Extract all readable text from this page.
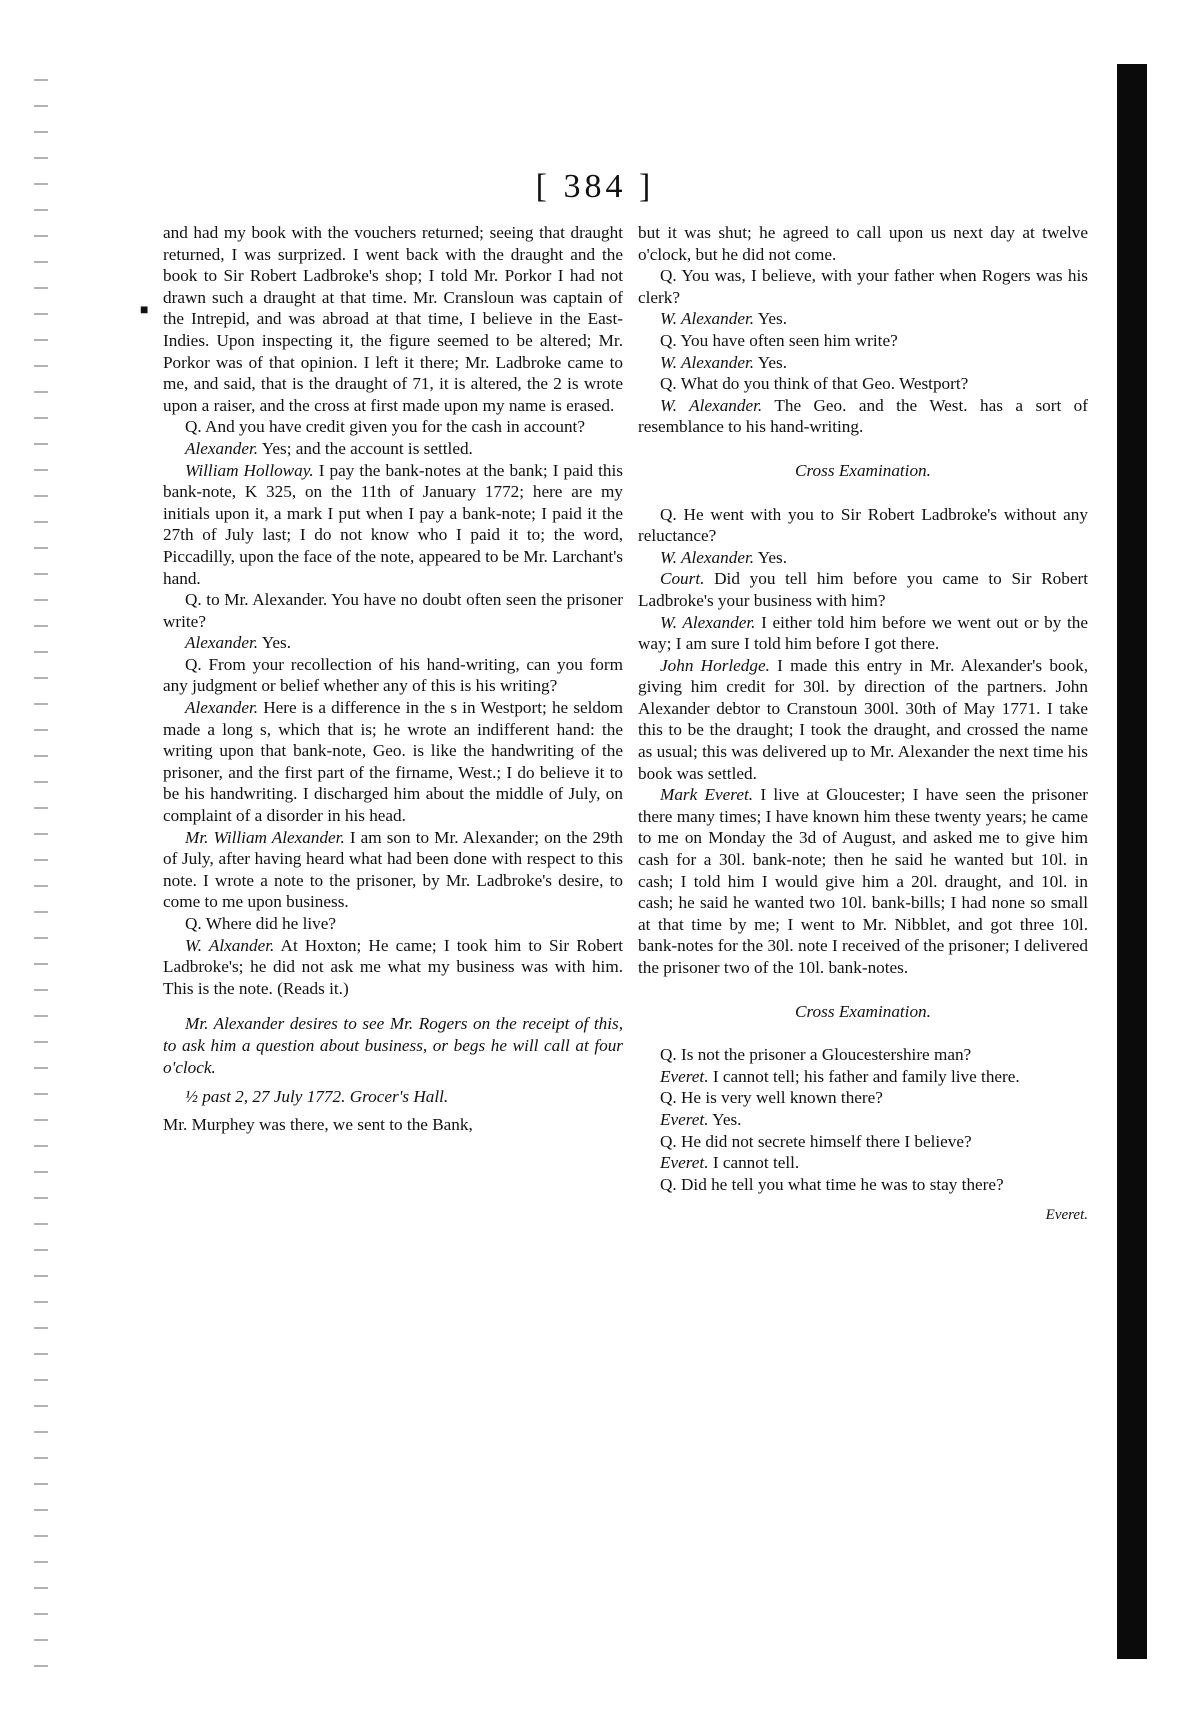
■
[ 384 ]

and had my book with the vouchers returned; seeing that draught returned, I was surprized. I went back with the draught and the book to Sir Robert Ladbroke's shop; I told Mr. Porkor I had not drawn such a draught at that time. Mr. Cransloun was captain of the Intrepid, and was abroad at that time, I believe in the East-Indies. Upon inspecting it, the figure seemed to be altered; Mr. Porkor was of that opinion. I left it there; Mr. Ladbroke came to me, and said, that is the draught of 71, it is altered, the 2 is wrote upon a raiser, and the cross at first made upon my name is erased.

Q. And you have credit given you for the cash in account?

Alexander. Yes; and the account is settled.

William Holloway. I pay the bank-notes at the bank; I paid this bank-note, K 325, on the 11th of January 1772; here are my initials upon it, a mark I put when I pay a bank-note; I paid it the 27th of July last; I do not know who I paid it to; the word, Piccadilly, upon the face of the note, appeared to be Mr. Larchant's hand.

Q. to Mr. Alexander. You have no doubt often seen the prisoner write?

Alexander. Yes.

Q. From your recollection of his hand-writing, can you form any judgment or belief whether any of this is his writing?

Alexander. Here is a difference in the s in Westport; he seldom made a long s, which that is; he wrote an indifferent hand: the writing upon that bank-note, Geo. is like the handwriting of the prisoner, and the first part of the firname, West.; I do believe it to be his handwriting. I discharged him about the middle of July, on complaint of a disorder in his head.

Mr. William Alexander. I am son to Mr. Alexander; on the 29th of July, after having heard what had been done with respect to this note. I wrote a note to the prisoner, by Mr. Ladbroke's desire, to come to me upon business.

Q. Where did he live?

W. Alxander. At Hoxton; He came; I took him to Sir Robert Ladbroke's; he did not ask me what my business was with him. This is the note. (Reads it.)

Mr. Alexander desires to see Mr. Rogers on the receipt of this, to ask him a question about business, or begs he will call at four o'clock.

½ past 2, 27 July 1772. Grocer's Hall.

Mr. Murphey was there, we sent to the Bank,

but it was shut; he agreed to call upon us next day at twelve o'clock, but he did not come.

Q. You was, I believe, with your father when Rogers was his clerk?

W. Alexander. Yes.

Q. You have often seen him write?

W. Alexander. Yes.

Q. What do you think of that Geo. Westport?

W. Alexander. The Geo. and the West. has a sort of resemblance to his hand-writing.

Cross Examination.

Q. He went with you to Sir Robert Ladbroke's without any reluctance?

W. Alexander. Yes.

Court. Did you tell him before you came to Sir Robert Ladbroke's your business with him?

W. Alexander. I either told him before we went out or by the way; I am sure I told him before I got there.

John Horledge. I made this entry in Mr. Alexander's book, giving him credit for 30l. by direction of the partners. John Alexander debtor to Cranstoun 300l. 30th of May 1771. I take this to be the draught; I took the draught, and crossed the name as usual; this was delivered up to Mr. Alexander the next time his book was settled.

Mark Everet. I live at Gloucester; I have seen the prisoner there many times; I have known him these twenty years; he came to me on Monday the 3d of August, and asked me to give him cash for a 30l. bank-note; then he said he wanted but 10l. in cash; I told him I would give him a 20l. draught, and 10l. in cash; he said he wanted two 10l. bank-bills; I had none so small at that time by me; I went to Mr. Nibblet, and got three 10l. bank-notes for the 30l. note I received of the prisoner; I delivered the prisoner two of the 10l. bank-notes.

Cross Examination.

Q. Is not the prisoner a Gloucestershire man?

Everet. I cannot tell; his father and family live there.

Q. He is very well known there?

Everet. Yes.

Q. He did not secrete himself there I believe?

Everet. I cannot tell.

Q. Did he tell you what time he was to stay there?

Everet.
